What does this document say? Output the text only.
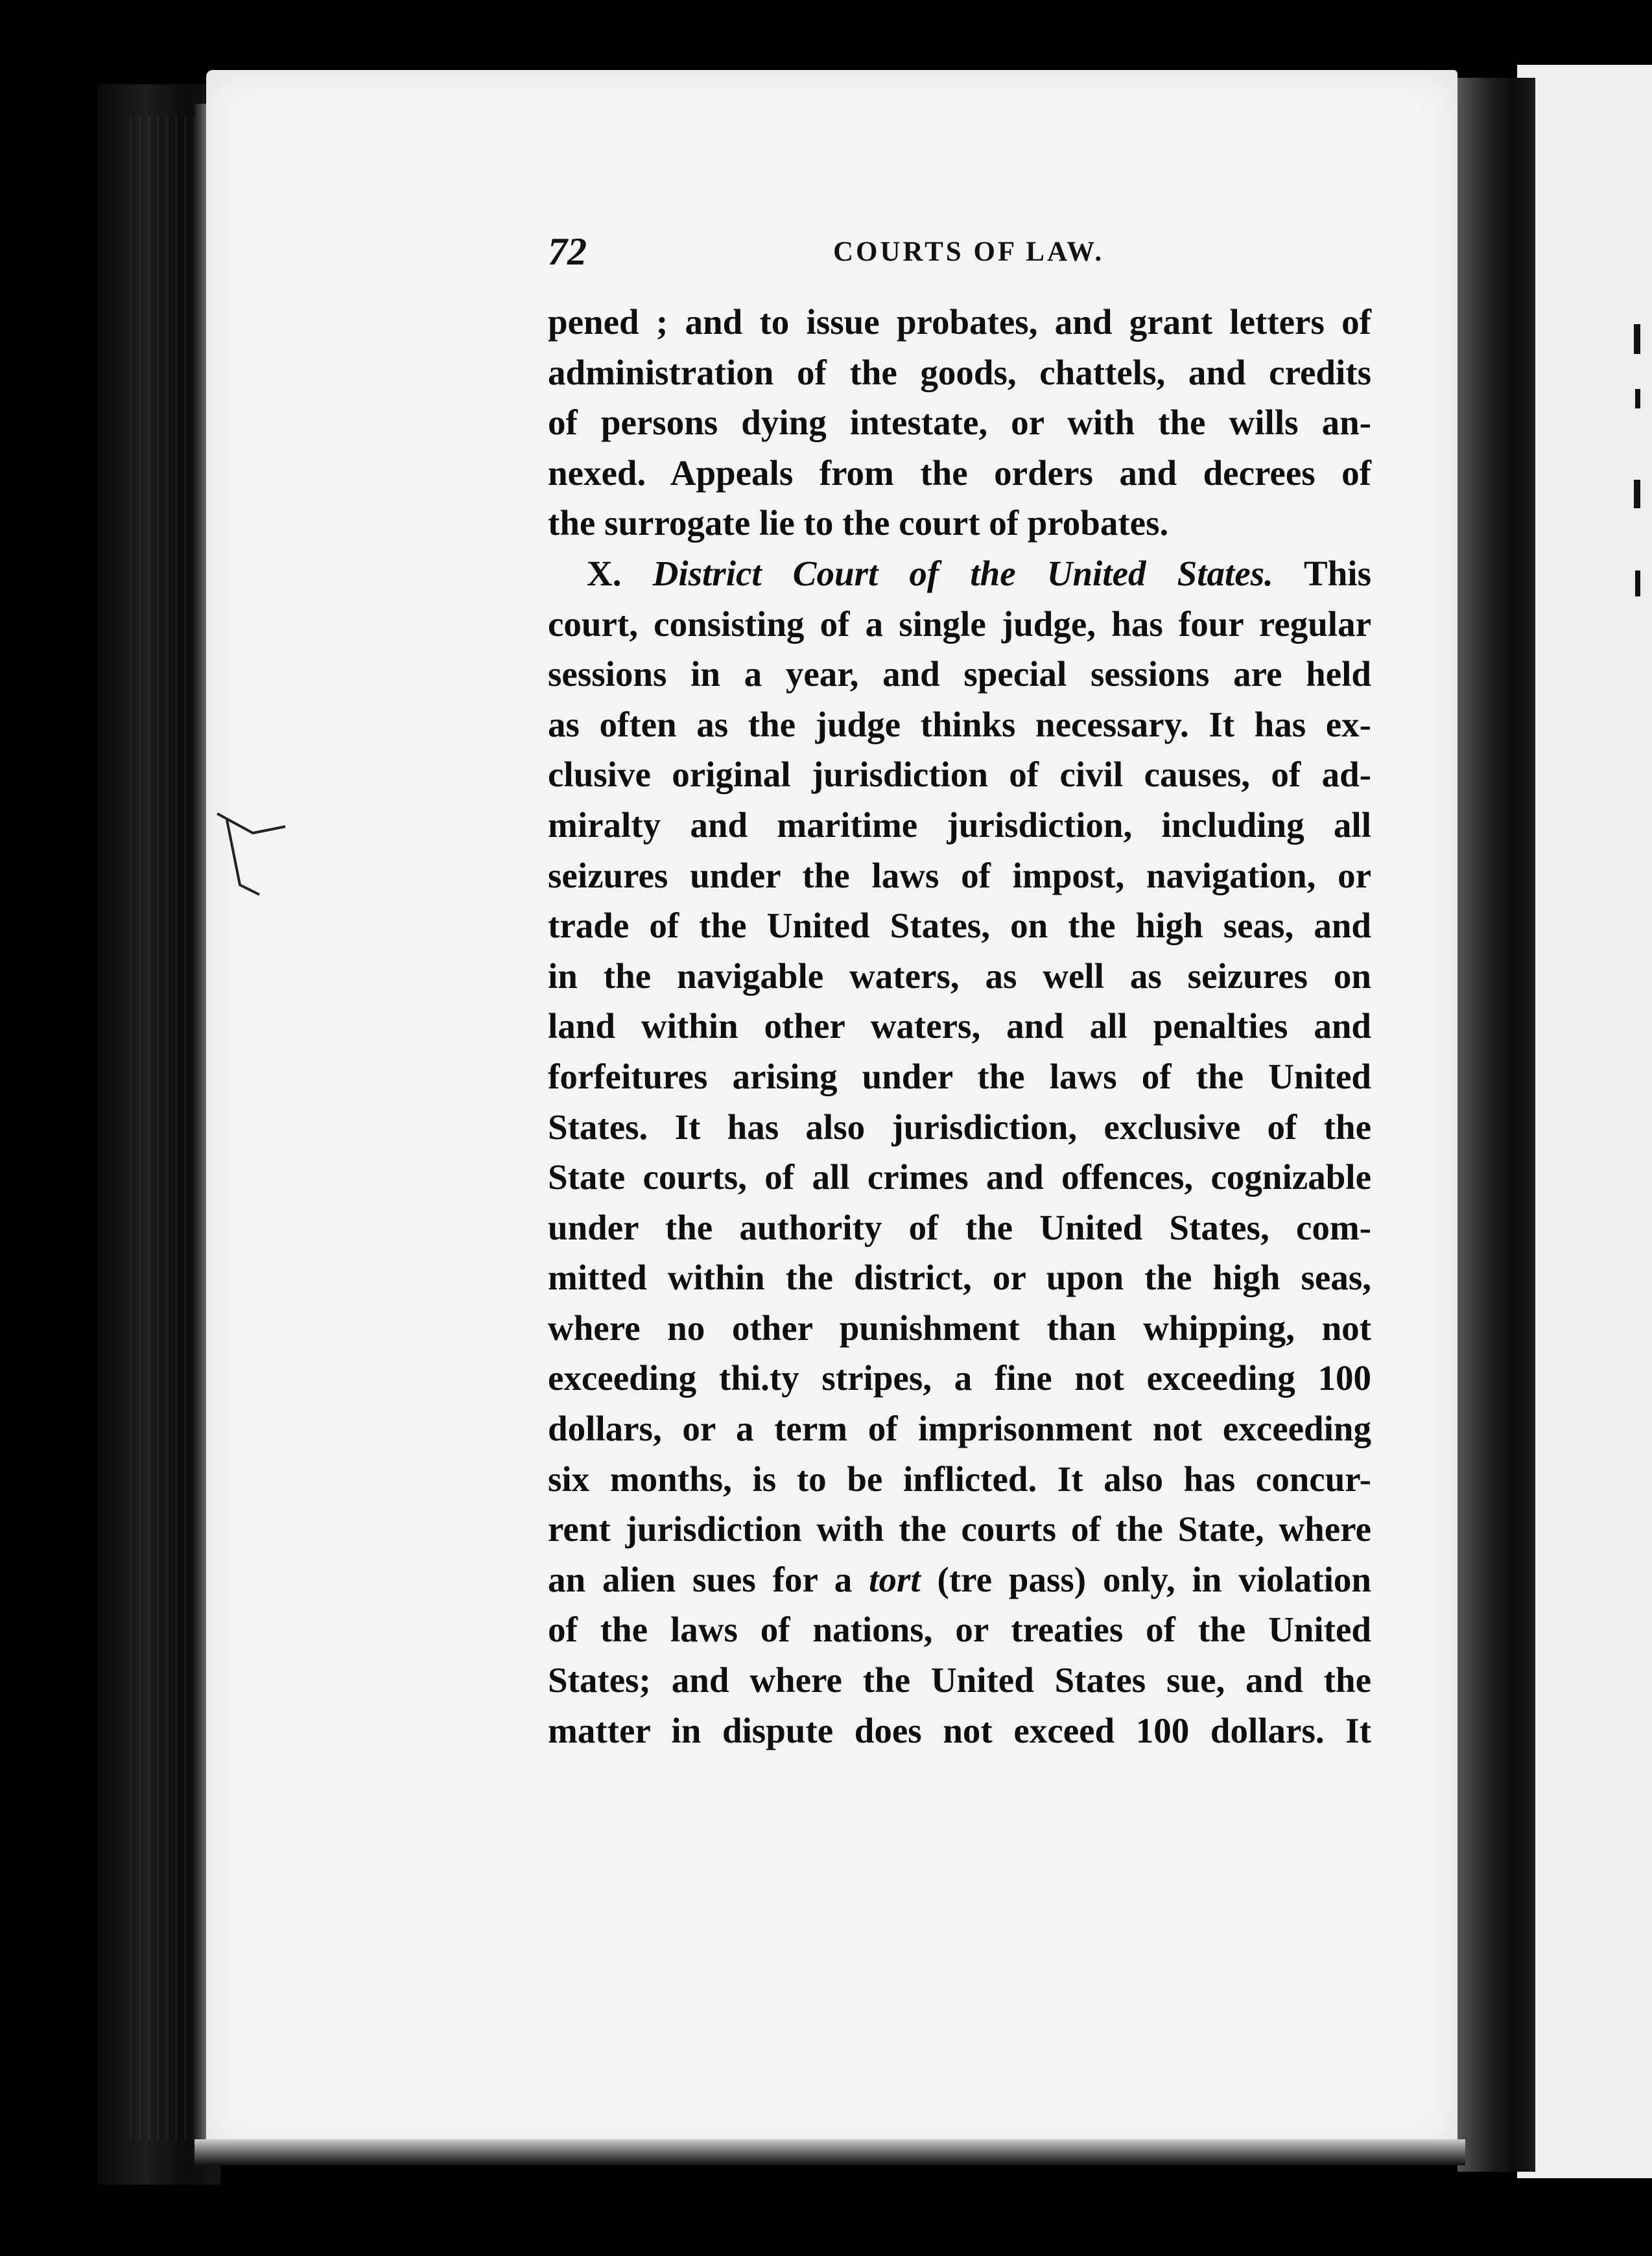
72	COURTS OF LAW.
pened ; and to issue probates, and grant letters of
administration of the goods, chattels, and credits
of persons dying intestate, or with the wills an-
nexed. Appeals from the orders and decrees of
the surrogate lie to the court of probates.
X. District Court of the United States. This
court, consisting of a single judge, has four regular
sessions in a year, and special sessions are held
as often as the judge thinks necessary. It has ex-
clusive original jurisdiction of civil causes, of ad-
miralty and maritime jurisdiction, including all
seizures under the laws of impost, navigation, or
trade of the United States, on the high seas, and
in the navigable waters, as well as seizures on
land within other waters, and all penalties and
forfeitures arising under the laws of the United
States. It has also jurisdiction, exclusive of the
State courts, of all crimes and offences, cognizable
under the authority of the United States, com-
mitted within the district, or upon the high seas,
where no other punishment than whipping, not
exceeding thi.ty stripes, a fine not exceeding 100
dollars, or a term of imprisonment not exceeding
six months, is to be inflicted. It also has concur-
rent jurisdiction with the courts of the State, where
an alien sues for a tort (tre pass) only, in violation
of the laws of nations, or treaties of the United
States; and where the United States sue, and the
matter in dispute does not exceed 100 dollars. It
